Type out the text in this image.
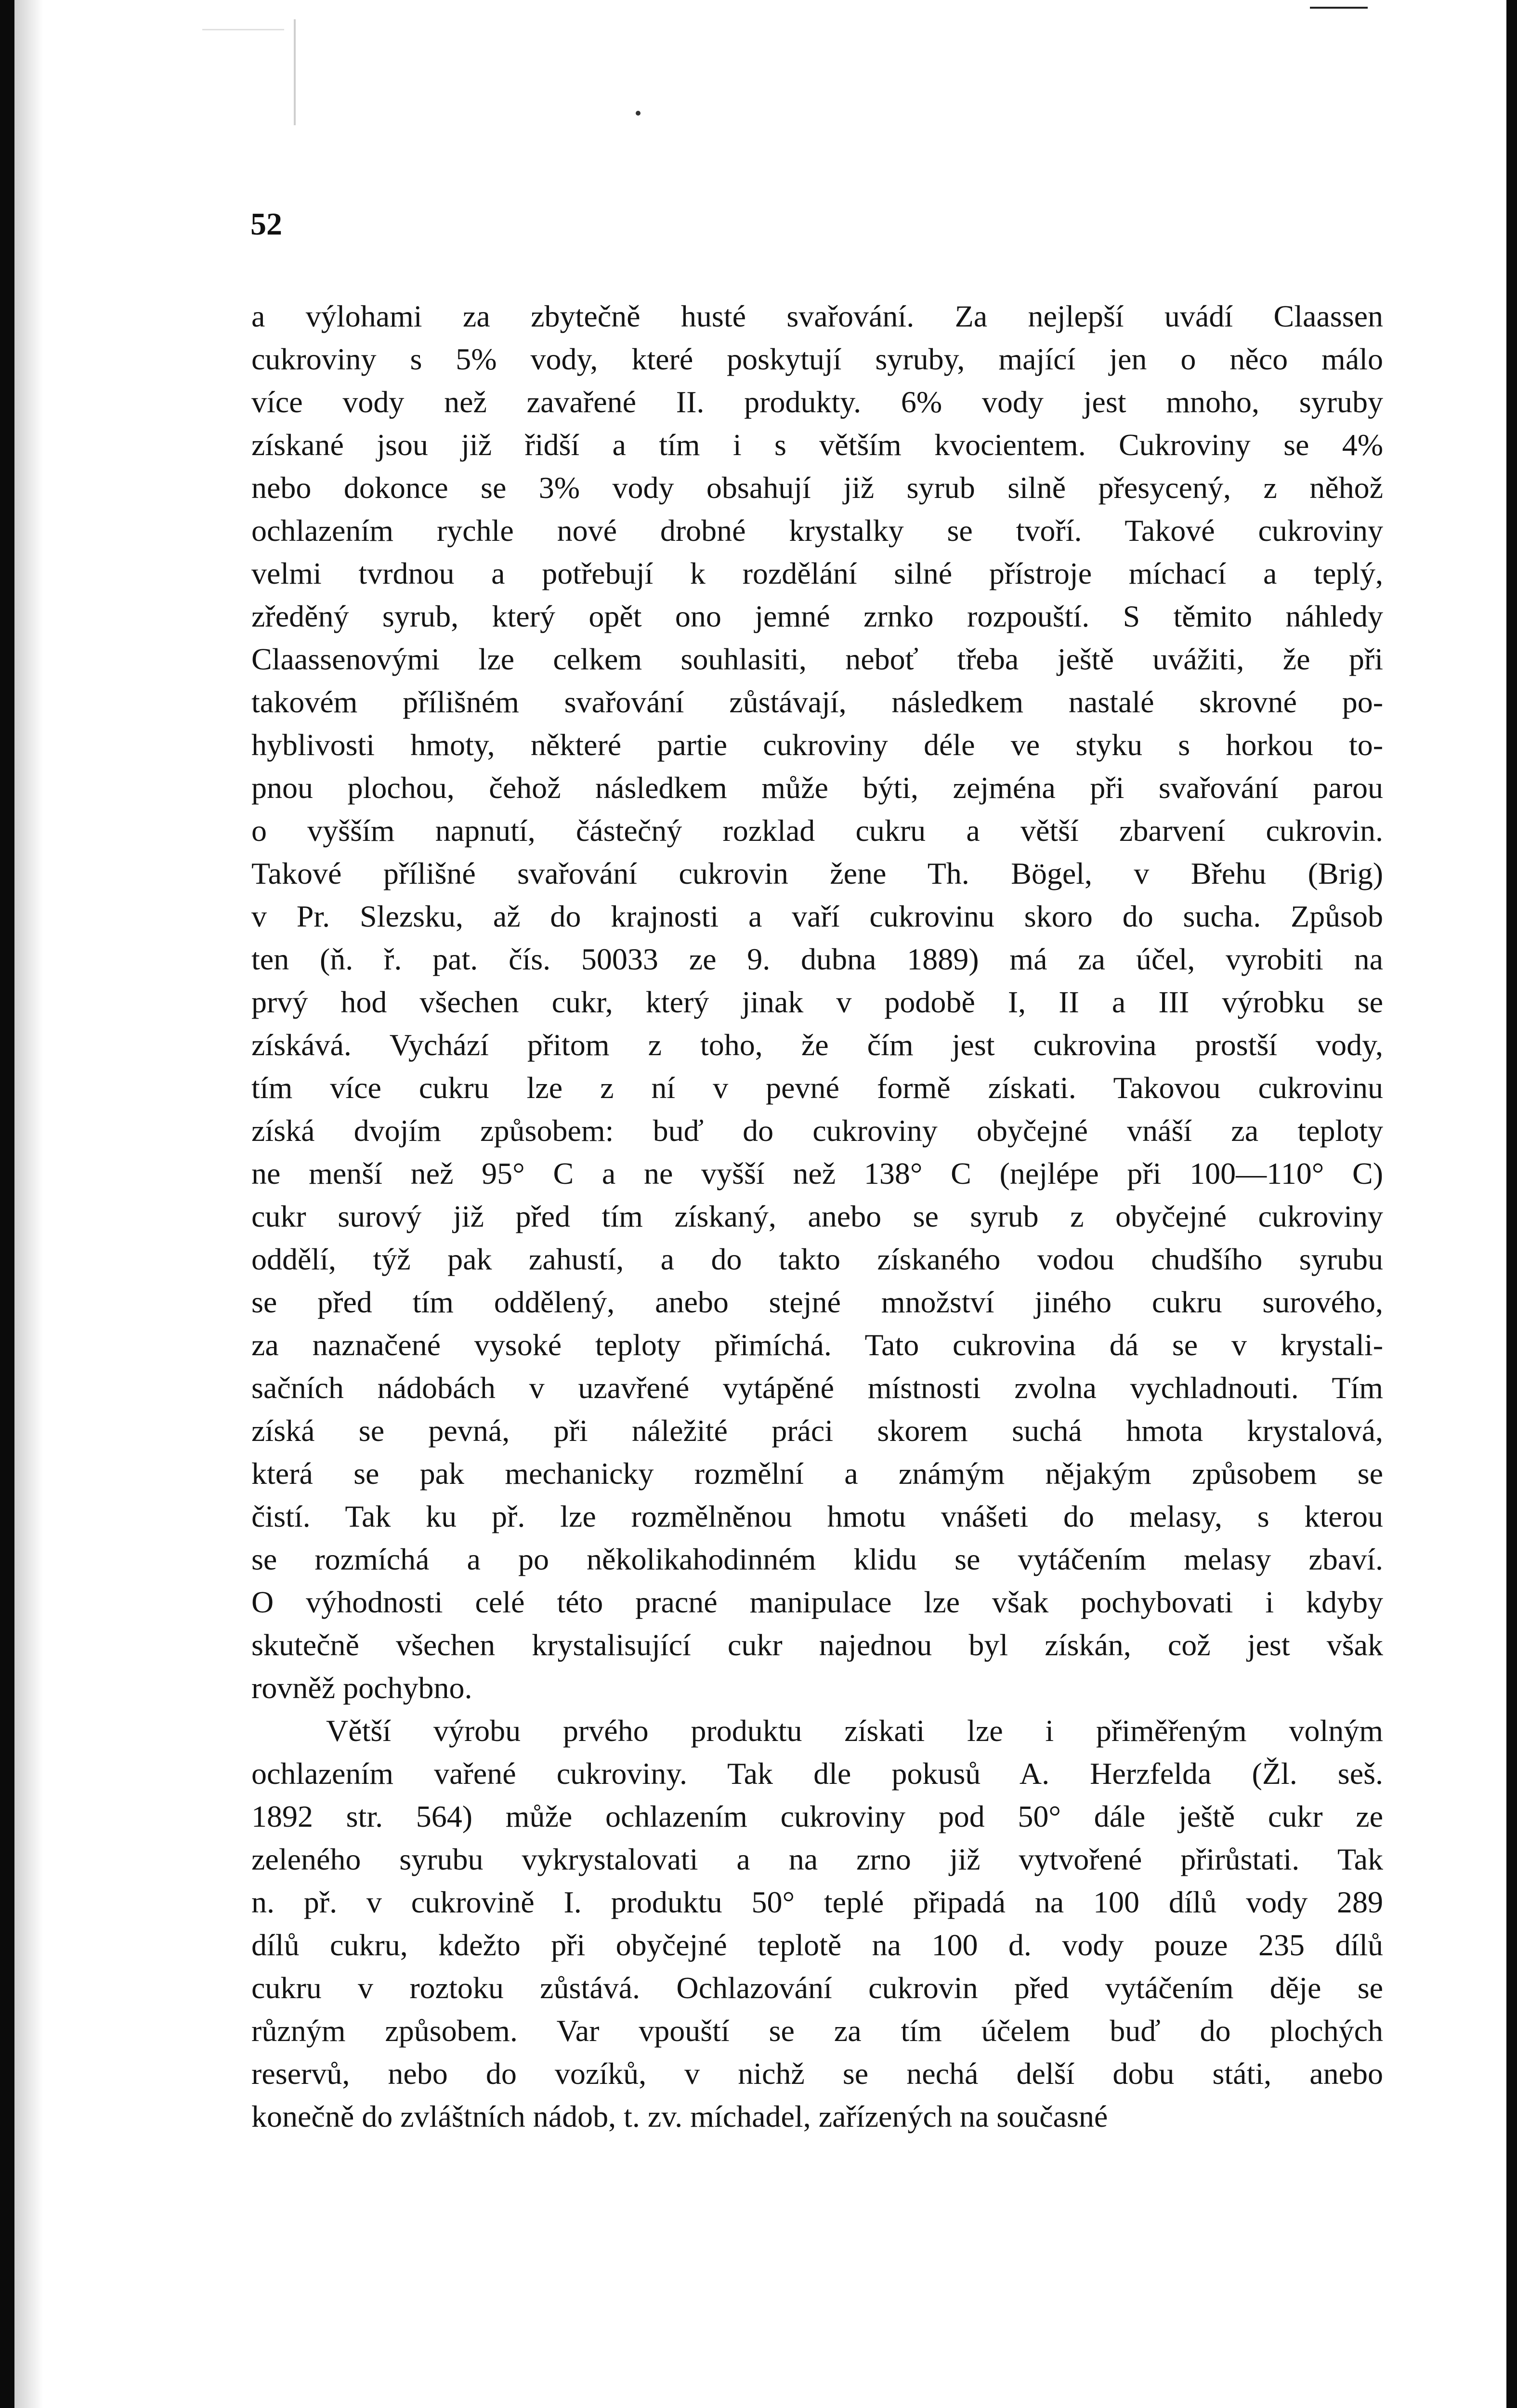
52

a výlohami za zbytečně husté svařování. Za nejlepší uvádí Claassen
cukroviny s 5% vody, které poskytují syruby, mající jen o něco málo
více vody než zavařené II. produkty. 6% vody jest mnoho, syruby
získané jsou již řidší a tím i s větším kvocientem. Cukroviny se 4%
nebo dokonce se 3% vody obsahují již syrub silně přesycený, z něhož
ochlazením rychle nové drobné krystalky se tvoří. Takové cukroviny
velmi tvrdnou a potřebují k rozdělání silné přístroje míchací a teplý,
zředěný syrub, který opět ono jemné zrnko rozpouští. S těmito náhledy
Claassenovými lze celkem souhlasiti, neboť třeba ještě uvážiti, že při
takovém přílišném svařování zůstávají, následkem nastalé skrovné po-
hyblivosti hmoty, některé partie cukroviny déle ve styku s horkou to-
pnou plochou, čehož následkem může býti, zejména při svařování parou
o vyšším napnutí, částečný rozklad cukru a větší zbarvení cukrovin.
Takové přílišné svařování cukrovin žene Th. Bögel, v Břehu (Brig)
v Pr. Slezsku, až do krajnosti a vaří cukrovinu skoro do sucha. Způsob
ten (ň. ř. pat. čís. 50033 ze 9. dubna 1889) má za účel, vyrobiti na
prvý hod všechen cukr, který jinak v podobě I, II a III výrobku se
získává. Vychází přitom z toho, že čím jest cukrovina prostší vody,
tím více cukru lze z ní v pevné formě získati. Takovou cukrovinu
získá dvojím způsobem: buď do cukroviny obyčejné vnáší za teploty
ne menší než 95° C a ne vyšší než 138° C (nejlépe při 100—110° C)
cukr surový již před tím získaný, anebo se syrub z obyčejné cukroviny
oddělí, týž pak zahustí, a do takto získaného vodou chudšího syrubu
se před tím oddělený, anebo stejné množství jiného cukru surového,
za naznačené vysoké teploty přimíchá. Tato cukrovina dá se v krystali-
sačních nádobách v uzavřené vytápěné místnosti zvolna vychladnouti. Tím
získá se pevná, při náležité práci skorem suchá hmota krystalová,
která se pak mechanicky rozmělní a známým nějakým způsobem se
čistí. Tak ku př. lze rozmělněnou hmotu vnášeti do melasy, s kterou
se rozmíchá a po několikahodinném klidu se vytáčením melasy zbaví.
O výhodnosti celé této pracné manipulace lze však pochybovati i kdyby
skutečně všechen krystalisující cukr najednou byl získán, což jest však
rovněž pochybno.

Větší výrobu prvého produktu získati lze i přiměřeným volným
ochlazením vařené cukroviny. Tak dle pokusů A. Herzfelda (Žl. seš.
1892 str. 564) může ochlazením cukroviny pod 50° dále ještě cukr ze
zeleného syrubu vykrystalovati a na zrno již vytvořené přirůstati. Tak
n. př. v cukrovině I. produktu 50° teplé připadá na 100 dílů vody 289
dílů cukru, kdežto při obyčejné teplotě na 100 d. vody pouze 235 dílů
cukru v roztoku zůstává. Ochlazování cukrovin před vytáčením děje se
různým způsobem. Var vpouští se za tím účelem buď do plochých
reservů, nebo do vozíků, v nichž se nechá delší dobu státi, anebo
konečně do zvláštních nádob, t. zv. míchadel, zařízených na současné
